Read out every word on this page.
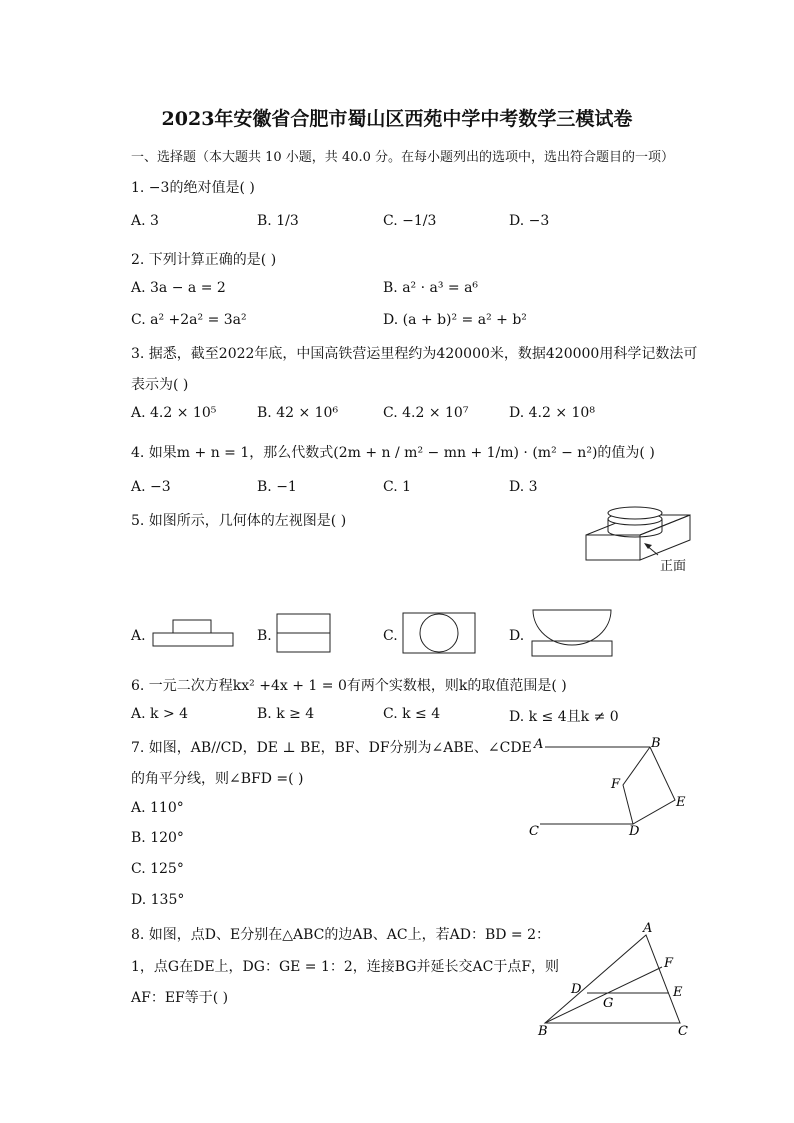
2023年安徽省合肥市蜀山区西苑中学中考数学三模试卷
一、选择题（本大题共 10 小题，共 40.0 分。在每小题列出的选项中，选出符合题目的一项）
1. −3的绝对值是( )
A. 3	B. 1/3	C. −1/3	D. −3
2. 下列计算正确的是( )
A. 3a − a = 2	B. a² · a³ = a⁶
C. a² +2a² = 3a²	D. (a + b)² = a² + b²
3. 据悉，截至2022年底，中国高铁营运里程约为420000米，数据420000用科学记数法可
表示为( )
A. 4.2 × 10⁵	B. 42 × 10⁶	C. 4.2 × 10⁷	D. 4.2 × 10⁸
4. 如果m + n = 1，那么代数式(2m + n / m² − mn + 1/m) · (m² − n²)的值为( )
A. −3	B. −1	C. 1	D. 3
5. 如图所示，几何体的左视图是( )
正面
A.	B.	C.	D.
6. 一元二次方程kx² +4x + 1 = 0有两个实数根，则k的取值范围是( )
A. k > 4	B. k ≥ 4	C. k ≤ 4	D. k ≤ 4且k ≠ 0
7. 如图，AB//CD，DE ⊥ BE，BF、DF分别为∠ABE、∠CDE
的角平分线，则∠BFD =( )
A. 110°
B. 120°
C. 125°
D. 135°
A	B
F
E
C	D
8. 如图，点D、E分别在△ABC的边AB、AC上，若AD：BD = 2：
1，点G在DE上，DG：GE = 1：2，连接BG并延长交AC于点F，则
AF：EF等于( )
A
F
D
G
E
B	C
